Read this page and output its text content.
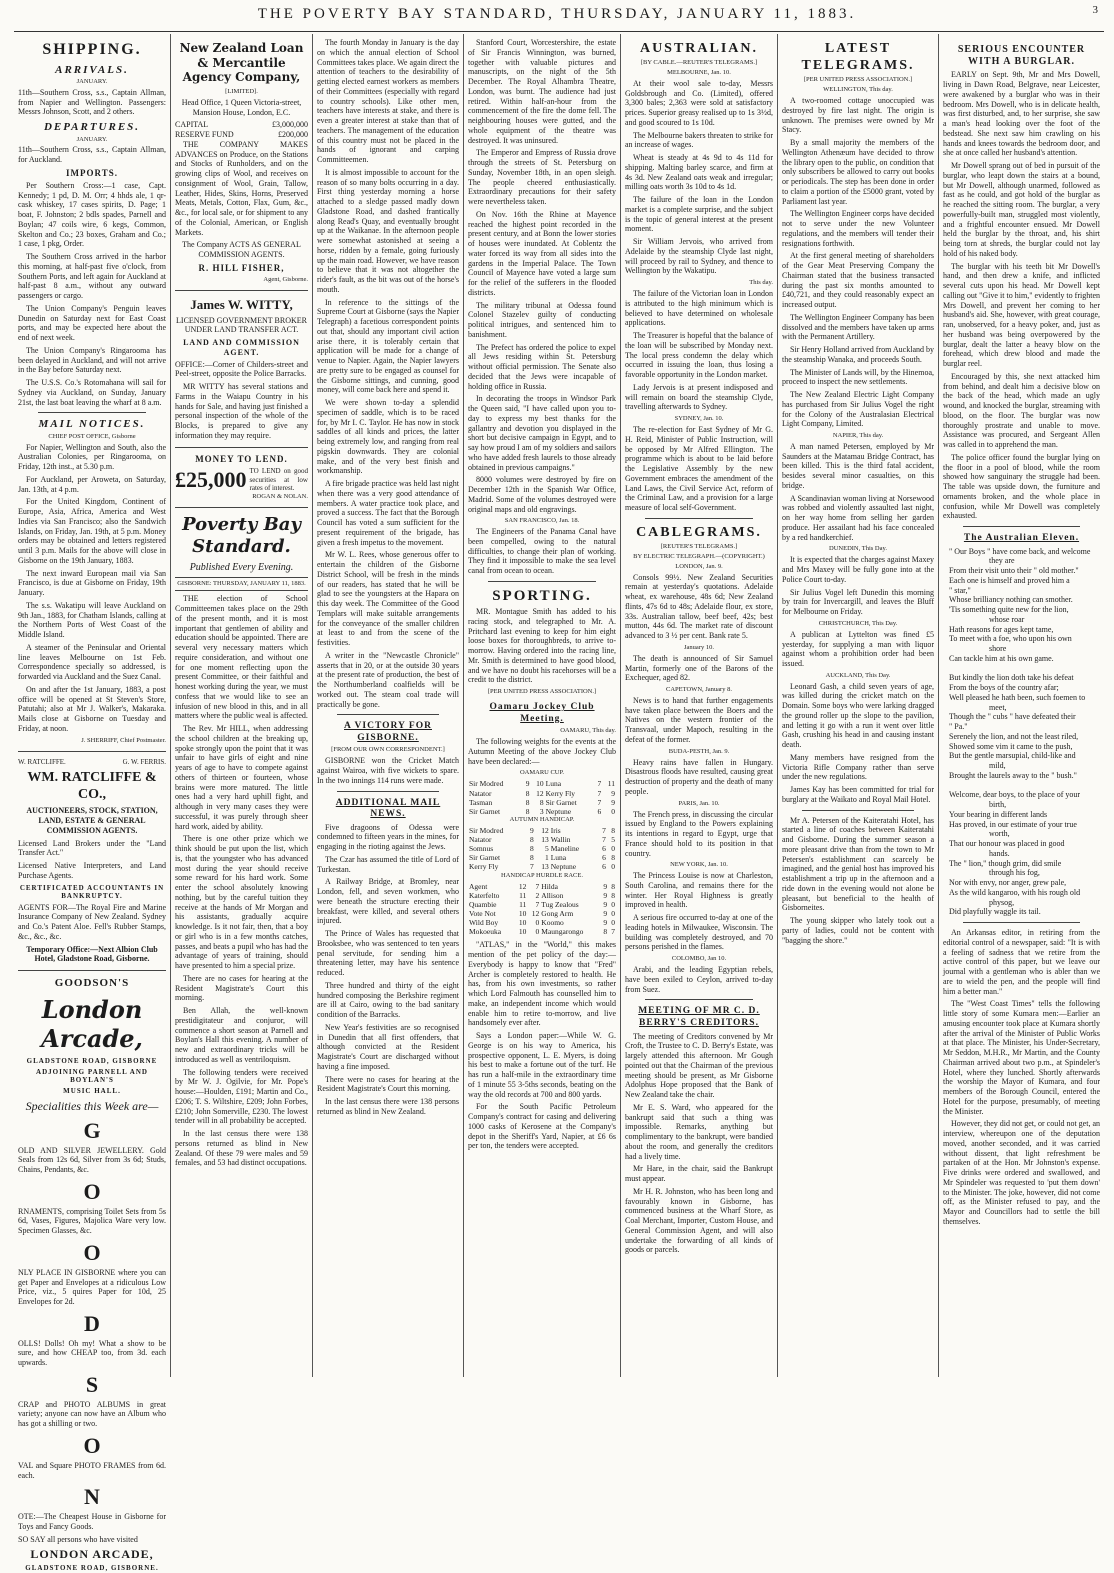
THE POVERTY BAY STANDARD, THURSDAY, JANUARY 11, 1883.	3
SHIPPING.
ARRIVALS.
JANUARY.

11th—Southern Cross, s.s., Captain Allman, from Napier and Wellington. Passengers: Messrs Johnson, Scott, and 2 others.

DEPARTURES.
JANUARY.

11th—Southern Cross, s.s., Captain Allman, for Auckland.

IMPORTS.

Per Southern Cross:—1 case, Capt. Kennedy; 1 pd, D. M. Orr; 4 hhds ale, 1 qr-cask whiskey, 17 cases spirits, D. Page; 1 boat, F. Johnston; 2 bdls spades, Parnell and Boylan; 47 coils wire, 6 kegs, Common, Skelton and Co.; 23 boxes, Graham and Co.; 1 case, 1 pkg, Order.

The Southern Cross arrived in the harbor this morning, at half-past five o'clock, from Southern Ports, and left again for Auckland at half-past 8 a.m., without any outward passengers or cargo.

The Union Company's Penguin leaves Dunedin on Saturday next for East Coast ports, and may be expected here about the end of next week.

The Union Company's Ringarooma has been delayed in Auckland, and will not arrive in the Bay before Saturday next.

The U.S.S. Co.'s Rotomahana will sail for Sydney via Auckland, on Sunday, January 21st, the last boat leaving the wharf at 8 a.m.

MAIL NOTICES.
CHIEF POST OFFICE, Gisborne

For Napier, Wellington and South, also the Australian Colonies, per Ringarooma, on Friday, 12th inst., at 5.30 p.m.

For Auckland, per Aroweta, on Saturday, Jan. 13th, at 4 p.m.

For the United Kingdom, Continent of Europe, Asia, Africa, America and West Indies via San Francisco; also the Sandwich Islands, on Friday, Jan. 19th, at 5 p.m. Money orders may be obtained and letters registered until 3 p.m. Mails for the above will close in Gisborne on the 19th January, 1883.

The next inward European mail via San Francisco, is due at Gisborne on Friday, 19th January.

The s.s. Wakatipu will leave Auckland on 9th Jan., 1883, for Chatham Islands, calling at the Northern Ports of West Coast of the Middle Island.

A steamer of the Peninsular and Oriental line leaves Melbourne on 1st Feb. Correspondence specially so addressed, is forwarded via Auckland and the Suez Canal.

On and after the 1st January, 1883, a post office will be opened at St Steven's Store, Patutahi; also at Mr J. Walker's, Makaraka. Mails close at Gisborne on Tuesday and Friday, at noon.

J. SHERRIFF, Chief Postmaster.
W. RATCLIFFE.	G. W. FERRIS.
WM. RATCLIFFE & CO.,

AUCTIONEERS, STOCK, STATION, LAND, ESTATE & GENERAL COMMISSION AGENTS.

Licensed Land Brokers under the "Land Transfer Act."

Licensed Native Interpreters, and Land Purchase Agents.

CERTIFICATED ACCOUNTANTS IN BANKRUPTCY.

AGENTS FOR—The Royal Fire and Marine Insurance Company of New Zealand. Sydney and Co.'s Patent Aloe. Fell's Rubber Stamps, &c., &c., &c.

Temporary Office:—Next Albion Club Hotel, Gladstone Road, Gisborne.

GOODSON'S
London Arcade,
GLADSTONE ROAD, GISBORNE
ADJOINING PARNELL AND BOYLAN'S
MUSIC HALL.
Specialities this Week are—
G

OLD AND SILVER JEWELLERY. Gold Seals from 12s 6d, Silver from 3s 6d; Studs, Chains, Pendants, &c.

O

RNAMENTS, comprising Toilet Sets from 5s 6d, Vases, Figures, Majolica Ware very low. Specimen Glasses, &c.

O

NLY PLACE IN GISBORNE where you can get Paper and Envelopes at a ridiculous Low Price, viz., 5 quires Paper for 10d, 25 Envelopes for 2d.

D

OLLS! Dolls! Oh my! What a show to be sure, and how CHEAP too, from 3d. each upwards.

S

CRAP and PHOTO ALBUMS in great variety; anyone can now have an Album who has got a shilling or two.

O

VAL and Square PHOTO FRAMES from 6d. each.

N

OTE:—The Cheapest House in Gisborne for Toys and Fancy Goods.

SO SAY all persons who have visited

LONDON ARCADE,
GLADSTONE ROAD, GISBORNE.
New Zealand Loan & Mercantile Agency Company,
[LIMITED].

Head Office, 1 Queen Victoria-street, Mansion House, London, E.C.

CAPITAL	£3,000,000
RESERVE FUND	£200,000

THE COMPANY MAKES ADVANCES on Produce, on the Stations and Stocks of Runholders, and on the growing clips of Wool, and receives on consignment of Wool, Grain, Tallow, Leather, Hides, Skins, Horns, Preserved Meats, Metals, Cotton, Flax, Gum, &c., &c., for local sale, or for shipment to any of the Colonial, American, or English Markets.

The Company ACTS AS GENERAL COMMISSION AGENTS.

R. HILL FISHER,
Agent, Gisborne.
James W. WITTY,

LICENSED GOVERNMENT BROKER UNDER LAND TRANSFER ACT.

LAND AND COMMISSION AGENT.

OFFICE:—Corner of Childers-street and Peel-street, opposite the Police Barracks.

MR WITTY has several stations and Farms in the Waiapu Country in his hands for Sale, and having just finished a personal inspection of the whole of the Blocks, is prepared to give any information they may require.

MONEY TO LEND.
£25,000 TO LEND on good securities at low rates of interest.
ROGAN & NOLAN.
Poverty Bay Standard.
Published Every Evening.
GISBORNE: THURSDAY, JANUARY 11, 1883.

THE election of School Committeemen takes place on the 29th of the present month, and it is most important that gentlemen of ability and education should be appointed. There are several very necessary matters which require consideration, and without one for one moment reflecting upon the present Committee, or their faithful and honest working during the year, we must confess that we would like to see an infusion of new blood in this, and in all matters where the public weal is affected.

The Rev. Mr HILL, when addressing the school children at the breaking up, spoke strongly upon the point that it was unfair to have girls of eight and nine years of age to have to compete against others of thirteen or fourteen, whose brains were more matured. The little ones had a very hard uphill fight, and although in very many cases they were successful, it was purely through sheer hard work, aided by ability.

There is one other prize which we think should be put upon the list, which is, that the youngster who has advanced most during the year should receive some reward for his hard work. Some enter the school absolutely knowing nothing, but by the careful tuition they receive at the hands of Mr Morgan and his assistants, gradually acquire knowledge. Is it not fair, then, that a boy or girl who is in a few months catches, passes, and beats a pupil who has had the advantage of years of training, should have presented to him a special prize.

There are no cases for hearing at the Resident Magistrate's Court this morning.

Ben Allah, the well-known prestidigitateur and conjuror, will commence a short season at Parnell and Boylan's Hall this evening. A number of new and extraordinary tricks will be introduced as well as ventriloquism.

The following tenders were received by Mr W. J. Ogilvie, for Mr. Pope's house:—Houlden, £191; Martin and Co., £206; T. S. Wiltshire, £209; John Forbes, £210; John Somerville, £230. The lowest tender will in all probability be accepted.

In the last census there were 138 persons returned as blind in New Zealand. Of these 79 were males and 59 females, and 53 had distinct occupations.

The fourth Monday in January is the day on which the annual election of School Committees takes place. We again direct the attention of teachers to the desirability of getting elected earnest workers as members of their Committees (especially with regard to country schools). Like other men, teachers have interests at stake, and there is even a greater interest at stake than that of teachers. The management of the education of this country must not be placed in the hands of ignorant and carping Committeemen.

It is almost impossible to account for the reason of so many bolts occurring in a day. First thing yesterday morning a horse attached to a sledge passed madly down Gladstone Road, and dashed frantically along Read's Quay, and eventually brought up at the Waikanae. In the afternoon people were somewhat astonished at seeing a horse, ridden by a female, going furiously up the main road. However, we have reason to believe that it was not altogether the rider's fault, as the bit was out of the horse's mouth.

In reference to the sittings of the Supreme Court at Gisborne (says the Napier Telegraph) a facetious correspondent points out that, should any important civil action arise there, it is tolerably certain that application will be made for a change of venue to Napier. Again, the Napier lawyers are pretty sure to be engaged as counsel for the Gisborne sittings, and cunning, good money, will come back here and spend it.

We were shown to-day a splendid specimen of saddle, which is to be raced for, by Mr I. C. Taylor. He has now in stock saddles of all kinds and prices, the latter being extremely low, and ranging from real pigskin downwards. They are colonial make, and of the very best finish and workmanship.

A fire brigade practice was held last night when there was a very good attendance of members. A water practice took place, and proved a success. The fact that the Borough Council has voted a sum sufficient for the present requirement of the brigade, has given a fresh impetus to the movement.

Mr W. L. Rees, whose generous offer to entertain the children of the Gisborne District School, will be fresh in the minds of our readers, has stated that he will be glad to see the youngsters at the Hapara on this day week. The Committee of the Good Templars will make suitable arrangements for the conveyance of the smaller children at least to and from the scene of the festivities.

A writer in the "Newcastle Chronicle" asserts that in 20, or at the outside 30 years at the present rate of production, the best of the Northumberland coalfields will be worked out. The steam coal trade will practically be gone.

A VICTORY FOR GISBORNE.
[FROM OUR OWN CORRESPONDENT.]

GISBORNE won the Cricket Match against Wairoa, with five wickets to spare. In the two innings 114 runs were made.

ADDITIONAL MAIL NEWS.

Five dragoons of Odessa were condemned to fifteen years in the mines, for engaging in the rioting against the Jews.

The Czar has assumed the title of Lord of Turkestan.

A Railway Bridge, at Bromley, near London, fell, and seven workmen, who were beneath the structure erecting their breakfast, were killed, and several others injured.

The Prince of Wales has requested that Brooksbee, who was sentenced to ten years penal servitude, for sending him a threatening letter, may have his sentence reduced.

Three hundred and thirty of the eight hundred composing the Berkshire regiment are ill at Cairo, owing to the bad sanitary condition of the Barracks.

New Year's festivities are so recognised in Dunedin that all first offenders, that although convicted at the Resident Magistrate's Court are discharged without having a fine imposed.

There were no cases for hearing at the Resident Magistrate's Court this morning.

In the last census there were 138 persons returned as blind in New Zealand.

Stanford Court, Worcestershire, the estate of Sir Francis Winnington, was burned, together with valuable pictures and manuscripts, on the night of the 5th December. The Royal Alhambra Theatre, London, was burnt. The audience had just retired. Within half-an-hour from the commencement of the fire the dome fell. The neighbouring houses were gutted, and the whole equipment of the theatre was destroyed. It was uninsured.

The Emperor and Empress of Russia drove through the streets of St. Petersburg on Sunday, November 18th, in an open sleigh. The people cheered enthusiastically. Extraordinary precautions for their safety were nevertheless taken.

On Nov. 16th the Rhine at Mayence reached the highest point recorded in the present century, and at Bonn the lower stories of houses were inundated. At Coblentz the water forced its way from all sides into the gardens in the Imperial Palace. The Town Council of Mayence have voted a large sum for the relief of the sufferers in the flooded districts.

The military tribunal at Odessa found Colonel Stazelev guilty of conducting political intrigues, and sentenced him to banishment.

The Prefect has ordered the police to expel all Jews residing within St. Petersburg without official permission. The Senate also decided that the Jews were incapable of holding office in Russia.

In decorating the troops in Windsor Park the Queen said, "I have called upon you to-day to express my best thanks for the gallantry and devotion you displayed in the short but decisive campaign in Egypt, and to say how proud I am of my soldiers and sailors who have added fresh laurels to those already obtained in previous campaigns."

8000 volumes were destroyed by fire on December 12th in the Spanish War Office, Madrid. Some of the volumes destroyed were original maps and old engravings.

SAN FRANCISCO, Jan. 18.

The Engineers of the Panama Canal have been compelled, owing to the natural difficulties, to change their plan of working. They find it impossible to make the sea level canal from ocean to ocean.

SPORTING.

MR. Montague Smith has added to his racing stock, and telegraphed to Mr. A. Pritchard last evening to keep for him eight loose boxes for thoroughbreds, to arrive to-morrow. Having ordered into the racing line, Mr. Smith is determined to have good blood, and we have no doubt his racehorses will be a credit to the district.

[PER UNITED PRESS ASSOCIATION.]
Oamaru Jockey Club Meeting.
OAMARU, This day.

The following weights for the events at the Autumn Meeting of the above Jockey Club have been declared:—

OAMARU CUP.
Sir Modred	9	10	Luna	7	11
Natator	8	12	Kerry Fly	7	9
Tasman	8	8	Sir Garnet	7	9
Sir Garnet	8	3	Neptune	6	0
AUTUMN HANDICAP.
Sir Modred	9	12	Iris	7	8
Natator	8	13	Wallin	7	5
Somnus	8	5	Maneline	6	0
Sir Garnet	8	1	Luna	6	8
Kerry Fly	7	13	Neptune	6	0
HANDICAP HURDLE RACE.
Agent	12	7	Hilda	9	8
Katerfelto	11	2	Allison	9	8
Quambie	11	7	Tug Zealous	9	0
Vote Not	10	12	Gong Arm	9	0
Wild Boy	10	0	Koomo	9	0
Mokoeuka	10	0	Maungarongo	8	7

"ATLAS," in the "World," this makes mention of the pet policy of the day:—Everybody is happy to know that "Fred" Archer is completely restored to health. He has, from his own investments, so rather which Lord Falmouth has counselled him to make, an independent income which would enable him to retire to-morrow, and live handsomely ever after.

Says a London paper:—While W. G. George is on his way to America, his prospective opponent, L. E. Myers, is doing his best to make a fortune out of the turf. He has run a half-mile in the extraordinary time of 1 minute 55 3-5ths seconds, beating on the way the old records at 700 and 800 yards.

For the South Pacific Petroleum Company's contract for casing and delivering 1000 casks of Kerosene at the Company's depot in the Sheriff's Yard, Napier, at £6 6s per ton, the tenders were accepted.

AUSTRALIAN.
[BY CABLE.—REUTER'S TELEGRAMS.]
MELBOURNE, Jan. 10.

At their wool sale to-day, Messrs Goldsbrough and Co. (Limited), offered 3,300 bales; 2,363 were sold at satisfactory prices. Superior greasy realised up to 1s 3½d, and good scoured to 1s 10d.

The Melbourne bakers threaten to strike for an increase of wages.

Wheat is steady at 4s 9d to 4s 11d for shipping. Malting barley scarce, and firm at 4s 3d. New Zealand oats weak and irregular; milling oats worth 3s 10d to 4s 1d.

The failure of the loan in the London market is a complete surprise, and the subject is the topic of general interest at the present moment.

Sir William Jervois, who arrived from Adelaide by the steamship Clyde last night, will proceed by rail to Sydney, and thence to Wellington by the Wakatipu.

This day.

The failure of the Victorian loan in London is attributed to the high minimum which is believed to have determined on wholesale applications.

The Treasurer is hopeful that the balance of the loan will be subscribed by Monday next. The local press condemn the delay which occurred in issuing the loan, thus losing a favorable opportunity in the London market.

Lady Jervois is at present indisposed and will remain on board the steamship Clyde, travelling afterwards to Sydney.

SYDNEY, Jan. 10.

The re-election for East Sydney of Mr G. H. Reid, Minister of Public Instruction, will be opposed by Mr Alfred Ellington. The programme which is about to be laid before the Legislative Assembly by the new Government embraces the amendment of the Land Laws, the Civil Service Act, reform of the Criminal Law, and a provision for a large measure of local self-Government.

CABLEGRAMS.
[REUTER'S TELEGRAMS.]
BY ELECTRIC TELEGRAPH.—(COPYRIGHT.)
LONDON, Jan. 9.

Consols 99½. New Zealand Securities remain at yesterday's quotations. Adelaide wheat, ex warehouse, 48s 6d; New Zealand flints, 47s 6d to 48s; Adelaide flour, ex store, 33s. Australian tallow, beef beef, 42s; best mutton, 44s 6d. The market rate of discount advanced to 3 ½ per cent. Bank rate 5.

January 10.

The death is announced of Sir Samuel Martin, formerly one of the Barons of the Exchequer, aged 82.

CAPETOWN, January 8.

News is to hand that further engagements have taken place between the Boers and the Natives on the western frontier of the Transvaal, under Mapoch, resulting in the defeat of the former.

BUDA-PESTH, Jan. 9.

Heavy rains have fallen in Hungary. Disastrous floods have resulted, causing great destruction of property and the death of many people.

PARIS, Jan. 10.

The French press, in discussing the circular issued by England to the Powers explaining its intentions in regard to Egypt, urge that France should hold to its position in that country.

NEW YORK, Jan. 10.

The Princess Louise is now at Charleston, South Carolina, and remains there for the winter. Her Royal Highness is greatly improved in health.

A serious fire occurred to-day at one of the leading hotels in Milwaukee, Wisconsin. The building was completely destroyed, and 70 persons perished in the flames.

COLOMBO, Jan 10.

Arabi, and the leading Egyptian rebels, have been exiled to Ceylon, arrived to-day from Suez.

MEETING OF MR C. D. BERRY'S CREDITORS.

The meeting of Creditors convened by Mr Croft, the Trustee to C. D. Berry's Estate, was largely attended this afternoon. Mr Gough pointed out that the Chairman of the previous meeting should be present, as Mr Gisborne Adolphus Hope proposed that the Bank of New Zealand take the chair.

Mr E. S. Ward, who appeared for the bankrupt said that such a thing was impossible. Remarks, anything but complimentary to the bankrupt, were bandied about the room, and generally the creditors had a lively time.

Mr Hare, in the chair, said the Bankrupt must appear.

Mr H. R. Johnston, who has been long and favourably known in Gisborne, has commenced business at the Wharf Store, as Coal Merchant, Importer, Custom House, and General Commission Agent, and will also undertake the forwarding of all kinds of goods or parcels.

LATEST TELEGRAMS.
[PER UNITED PRESS ASSOCIATION.]
WELLINGTON, This day.

A two-roomed cottage unoccupied was destroyed by fire last night. The origin is unknown. The premises were owned by Mr Stacy.

By a small majority the members of the Wellington Athenæum have decided to throw the library open to the public, on condition that only subscribers be allowed to carry out books or periodicals. The step has been done in order to claim a portion of the £5000 grant, voted by Parliament last year.

The Wellington Engineer corps have decided not to serve under the new Volunteer regulations, and the members will tender their resignations forthwith.

At the first general meeting of shareholders of the Gear Meat Preserving Company the Chairman stated that the business transacted during the past six months amounted to £40,721, and they could reasonably expect an increased output.

The Wellington Engineer Company has been dissolved and the members have taken up arms with the Permanent Artillery.

Sir Henry Holland arrived from Auckland by the steamship Wanaka, and proceeds South.

The Minister of Lands will, by the Hinemoa, proceed to inspect the new settlements.

The New Zealand Electric Light Company has purchased from Sir Julius Vogel the right for the Colony of the Australasian Electrical Light Company, Limited.

NAPIER, This day.

A man named Petersen, employed by Mr Saunders at the Matamau Bridge Contract, has been killed. This is the third fatal accident, besides several minor casualties, on this bridge.

A Scandinavian woman living at Norsewood was robbed and violently assaulted last night, on her way home from selling her garden produce. Her assailant had his face concealed by a red handkerchief.

DUNEDIN, This Day.

It is expected that the charges against Maxey and Mrs Maxey will be fully gone into at the Police Court to-day.

Sir Julius Vogel left Dunedin this morning by train for Invercargill, and leaves the Bluff for Melbourne on Friday.

CHRISTCHURCH, This Day.

A publican at Lyttelton was fined £5 yesterday, for supplying a man with liquor against whom a prohibition order had been issued.

AUCKLAND, This Day.

Leonard Gash, a child seven years of age, was killed during the cricket match on the Domain. Some boys who were larking dragged the ground roller up the slope to the pavilion, and letting it go with a run it went over little Gash, crushing his head in and causing instant death.

Many members have resigned from the Victoria Rifle Company rather than serve under the new regulations.

James Kay has been committed for trial for burglary at the Waikato and Royal Mail Hotel.

Mr A. Petersen of the Kaiteratahi Hotel, has started a line of coaches between Kaiteratahi and Gisborne. During the summer season a more pleasant drive than from the town to Mr Petersen's establishment can scarcely be imagined, and the genial host has improved his establishment a trip up in the afternoon and a ride down in the evening would not alone be pleasant, but beneficial to the health of Gisborneites.

The young skipper who lately took out a party of ladies, could not be content with "bagging the shore."

SERIOUS ENCOUNTER WITH A BURGLAR.

EARLY on Sept. 9th, Mr and Mrs Dowell, living in Dawn Road, Belgrave, near Leicester, were awakened by a burglar who was in their bedroom. Mrs Dowell, who is in delicate health, was first disturbed, and, to her surprise, she saw a man's head looking over the foot of the bedstead. She next saw him crawling on his hands and knees towards the bedroom door, and she at once called her husband's attention.

Mr Dowell sprang out of bed in pursuit of the burglar, who leapt down the stairs at a bound, but Mr Dowell, although unarmed, followed as fast as he could, and got hold of the burglar as he reached the sitting room. The burglar, a very powerfully-built man, struggled most violently, and a frightful encounter ensued. Mr Dowell held the burglar by the throat, and, his shirt being torn at shreds, the burglar could not lay hold of his naked body.

The burglar with his teeth bit Mr Dowell's hand, and then drew a knife, and inflicted several cuts upon his head. Mr Dowell kept calling out "Give it to him," evidently to frighten Mrs Dowell, and prevent her coming to her husband's aid. She, however, with great courage, ran, unobserved, for a heavy poker, and, just as her husband was being overpowered by the burglar, dealt the latter a heavy blow on the forehead, which drew blood and made the burglar reel.

Encouraged by this, she next attacked him from behind, and dealt him a decisive blow on the back of the head, which made an ugly wound, and knocked the burglar, streaming with blood, on the floor. The burglar was now thoroughly prostrate and unable to move. Assistance was procured, and Sergeant Allen was called in to apprehend the man.

The police officer found the burglar lying on the floor in a pool of blood, while the room showed how sanguinary the struggle had been. The table was upside down, the furniture and ornaments broken, and the whole place in confusion, while Mr Dowell was completely exhausted.

The Australian Eleven.
" Our Boys " have come back, and welcome
they are
From their visit unto their " old mother."
Each one is himself and proved him a
" star,"
Whose brilliancy nothing can smother.
'Tis something quite new for the lion,
whose roar
Hath reasons for ages kept tame,
To meet with a foe, who upon his own
shore
Can tackle him at his own game.

But kindly the lion doth take his defeat
From the boys of the country afar;
Well pleased he hath been, such foemen to
meet,
Though the " cubs " have defeated their
" Pa."
Serenely the lion, and not the least riled,
Showed some vim it came to the push,
But the gentle marsupial, child-like and
mild,
Brought the laurels away to the " bush."

Welcome, dear boys, to the place of your
birth,
Your bearing in different lands
Has proved, in our estimate of your true
worth,
That our honour was placed in good
hands.
The " lion," though grim, did smile
through his fog,
Nor with envy, nor anger, grew pale,
As the wild kangaroo, with his rough old
physog,
Did playfully waggle its tail.

An Arkansas editor, in retiring from the editorial control of a newspaper, said: "It is with a feeling of sadness that we retire from the active control of this paper, but we leave our journal with a gentleman who is abler than we are to wield the pen, and the people will find him a better man."

The "West Coast Times" tells the following little story of some Kumara men:—Earlier an amusing encounter took place at Kumara shortly after the arrival of the Minister of Public Works at that place. The Minister, his Under-Secretary, Mr Seddon, M.H.R., Mr Martin, and the County Chairman arrived about two p.m., at Spindeler's Hotel, where they lunched. Shortly afterwards the worship the Mayor of Kumara, and four members of the Borough Council, entered the Hotel for the purpose, presumably, of meeting the Minister.

However, they did not get, or could not get, an interview, whereupon one of the deputation moved, another seconded, and it was carried without dissent, that light refreshment be partaken of at the Hon. Mr Johnston's expense. Five drinks were ordered and swallowed, and Mr Spindeler was requested to 'put them down' to the Minister. The joke, however, did not come off, as the Minister refused to pay, and the Mayor and Councillors had to settle the bill themselves.
